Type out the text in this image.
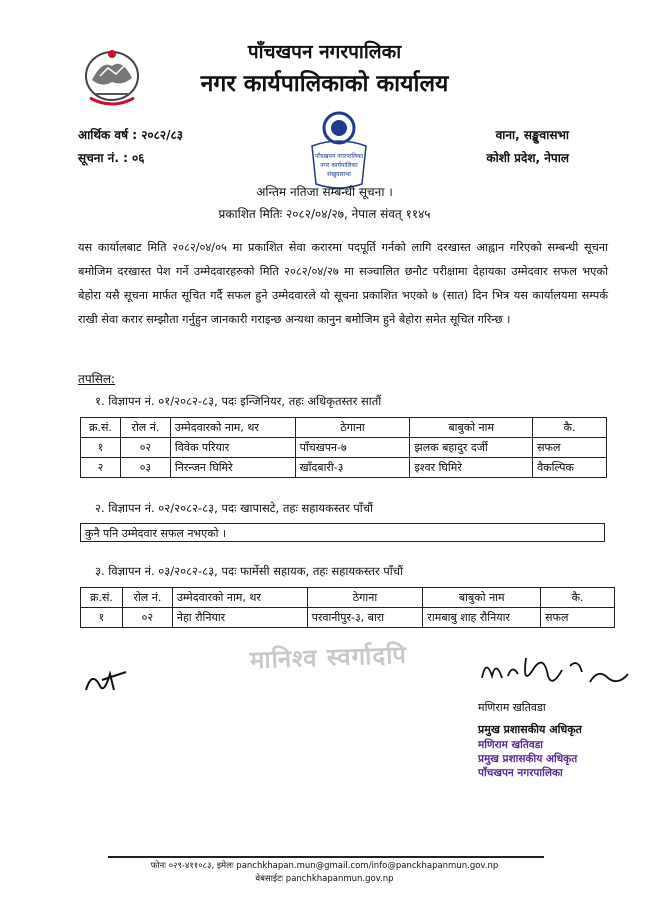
पाँचखपन नगरपालिका
नगर कार्यपालिकाको कार्यालय
आर्थिक वर्ष : २०८२/८३
सूचना नं. : ०६
वाना, सङ्खुवासभा
कोशी प्रदेश, नेपाल
पाँचखपन नगरपालिका
नगर कार्यपालिका
संखुवासभा
अन्तिम नतिजा सम्बन्धी सूचना ।
प्रकाशित मितिः २०८२/०४/२७, नेपाल संवत् ११४५
यस कार्यालबाट मिति २०८२/०४/०५ मा प्रकाशित सेवा करारमा पदपूर्ति गर्नको लागि दरखास्त आह्वान गरिएको सम्बन्धी सूचना बमोजिम दरखास्त पेश गर्ने उम्मेदवारहरुको मिति २०८२/०४/२७ मा सञ्चालित छनौट परीक्षामा देहायका उम्मेदवार सफल भएको बेहोरा यसै सूचना मार्फत सूचित गर्दै सफल हुने उम्मेदवारले यो सूचना प्रकाशित भएको ७ (सात) दिन भित्र यस कार्यालयमा सम्पर्क राखी सेवा करार सम्झौता गर्नुहुन जानकारी गराइन्छ अन्यथा कानुन बमोजिम हुने बेहोरा समेत सूचित गरिन्छ ।
तपसिल:
१. विज्ञापन नं. ०१/२०८२-८३, पदः इन्जिनियर, तहः अधिकृतस्तर सातौं
क्र.सं.	रोल नं.	उम्मेदवारको नाम, थर	ठेगाना	बाबुको नाम	कै.
१	०२	विवेक परियार	पाँचखपन-७	झलक बहादुर दर्जी	सफल
२	०३	निरन्जन घिमिरे	खाँदबारी-३	इश्वर घिमिरे	वैकल्पिक
२. विज्ञापन नं. ०२/२०८२-८३, पदः खापासटे, तहः सहायकस्तर पाँचौं
कुनै पनि उम्मेदवार सफल नभएको ।
३. विज्ञापन नं. ०३/२०८२-८३, पदः फार्मेसी सहायक, तहः सहायकस्तर पाँचौं
क्र.सं.	रोल नं.	उम्मेदवारको नाम, थर	ठेगाना	बाबुको नाम	कै.
१	०२	नेहा रौनियार	परवानीपुर-३, बारा	रामबाबु शाह रौनियार	सफल
मानिश्व स्वर्गादपि
मणिराम खतिवडा
प्रमुख प्रशासकीय अधिकृत
मणिराम खतिवडा
प्रमुख प्रशासकीय अधिकृत
पाँचखपन नगरपालिका
फोनः ०२९-४११०८३, इमेलः panchkhapan.mun@gmail.com/info@panckhapanmun.gov.np
वेबसाईटः panchkhapanmun.gov.np
